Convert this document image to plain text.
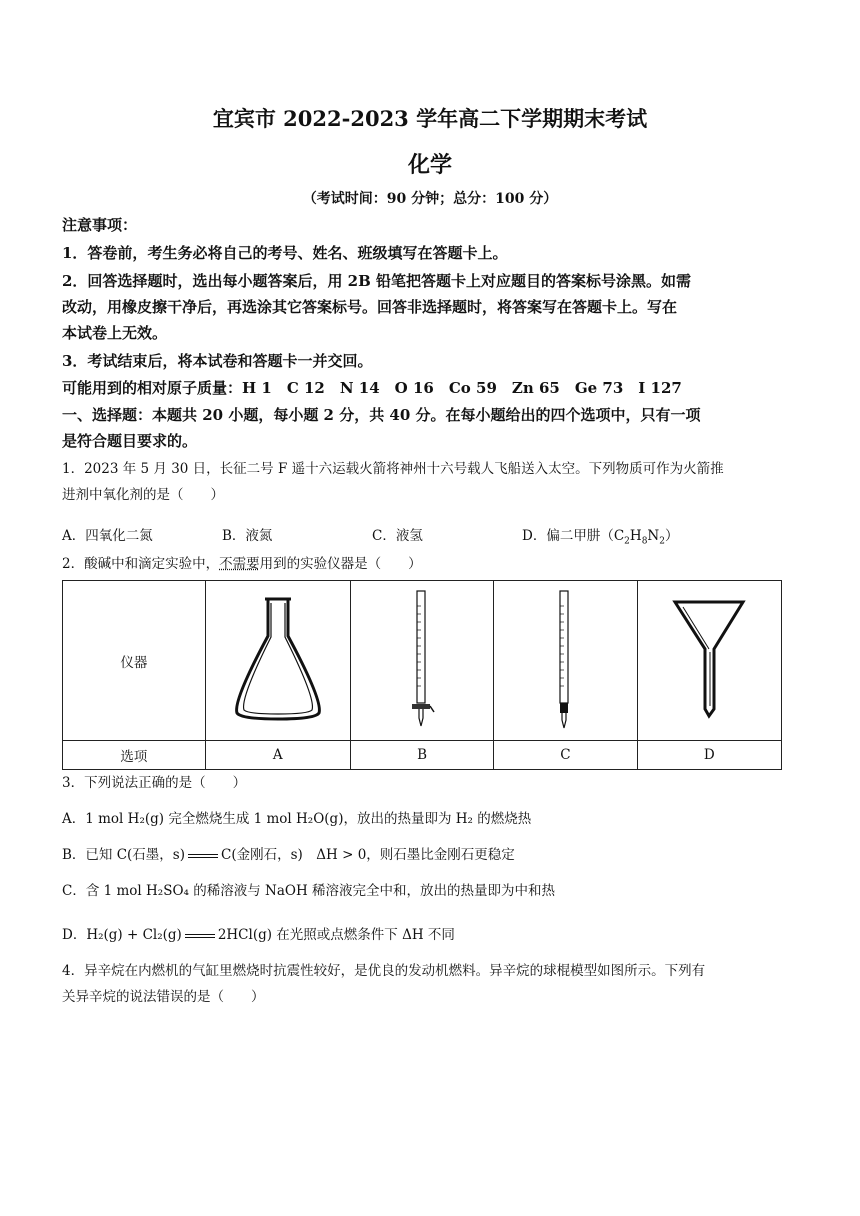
宜宾市 2022-2023 学年高二下学期期末考试
化学
（考试时间：90 分钟；总分：100 分）
注意事项：
1．答卷前，考生务必将自己的考号、姓名、班级填写在答题卡上。
2．回答选择题时，选出每小题答案后，用 2B 铅笔把答题卡上对应题目的答案标号涂黑。如需
改动，用橡皮擦干净后，再选涂其它答案标号。回答非选择题时，将答案写在答题卡上。写在
本试卷上无效。
3．考试结束后，将本试卷和答题卡一并交回。
可能用到的相对原子质量：H 1　C 12　N 14　O 16　Co 59　Zn 65　Ge 73　I 127
一、选择题：本题共 20 小题，每小题 2 分，共 40 分。在每小题给出的四个选项中，只有一项
是符合题目要求的。
1．2023 年 5 月 30 日，长征二号 F 遥十六运载火箭将神州十六号载人飞船送入太空。下列物质可作为火箭推
进剂中氧化剂的是（　　）
A．四氧化二氮	B．液氮	C．液氢	D．偏二甲肼$(C_2H_8N_2)$
2．酸碱中和滴定实验中，不需要用到的实验仪器是（　　）
仪器				
选项	A	B	C	D
3．下列说法正确的是（　　）
A．1 mol H₂(g) 完全燃烧生成 1 mol H₂O(g)，放出的热量即为 H₂ 的燃烧热
B．已知 C(石墨，s)	C(金刚石，s)　ΔH > 0，则石墨比金刚石更稳定
C．含 1 mol H₂SO₄ 的稀溶液与 NaOH 稀溶液完全中和，放出的热量即为中和热
D．H₂(g) + Cl₂(g)	2HCl(g) 在光照或点燃条件下 ΔH 不同
4．异辛烷在内燃机的气缸里燃烧时抗震性较好，是优良的发动机燃料。异辛烷的球棍模型如图所示。下列有
关异辛烷的说法错误的是（　　）
